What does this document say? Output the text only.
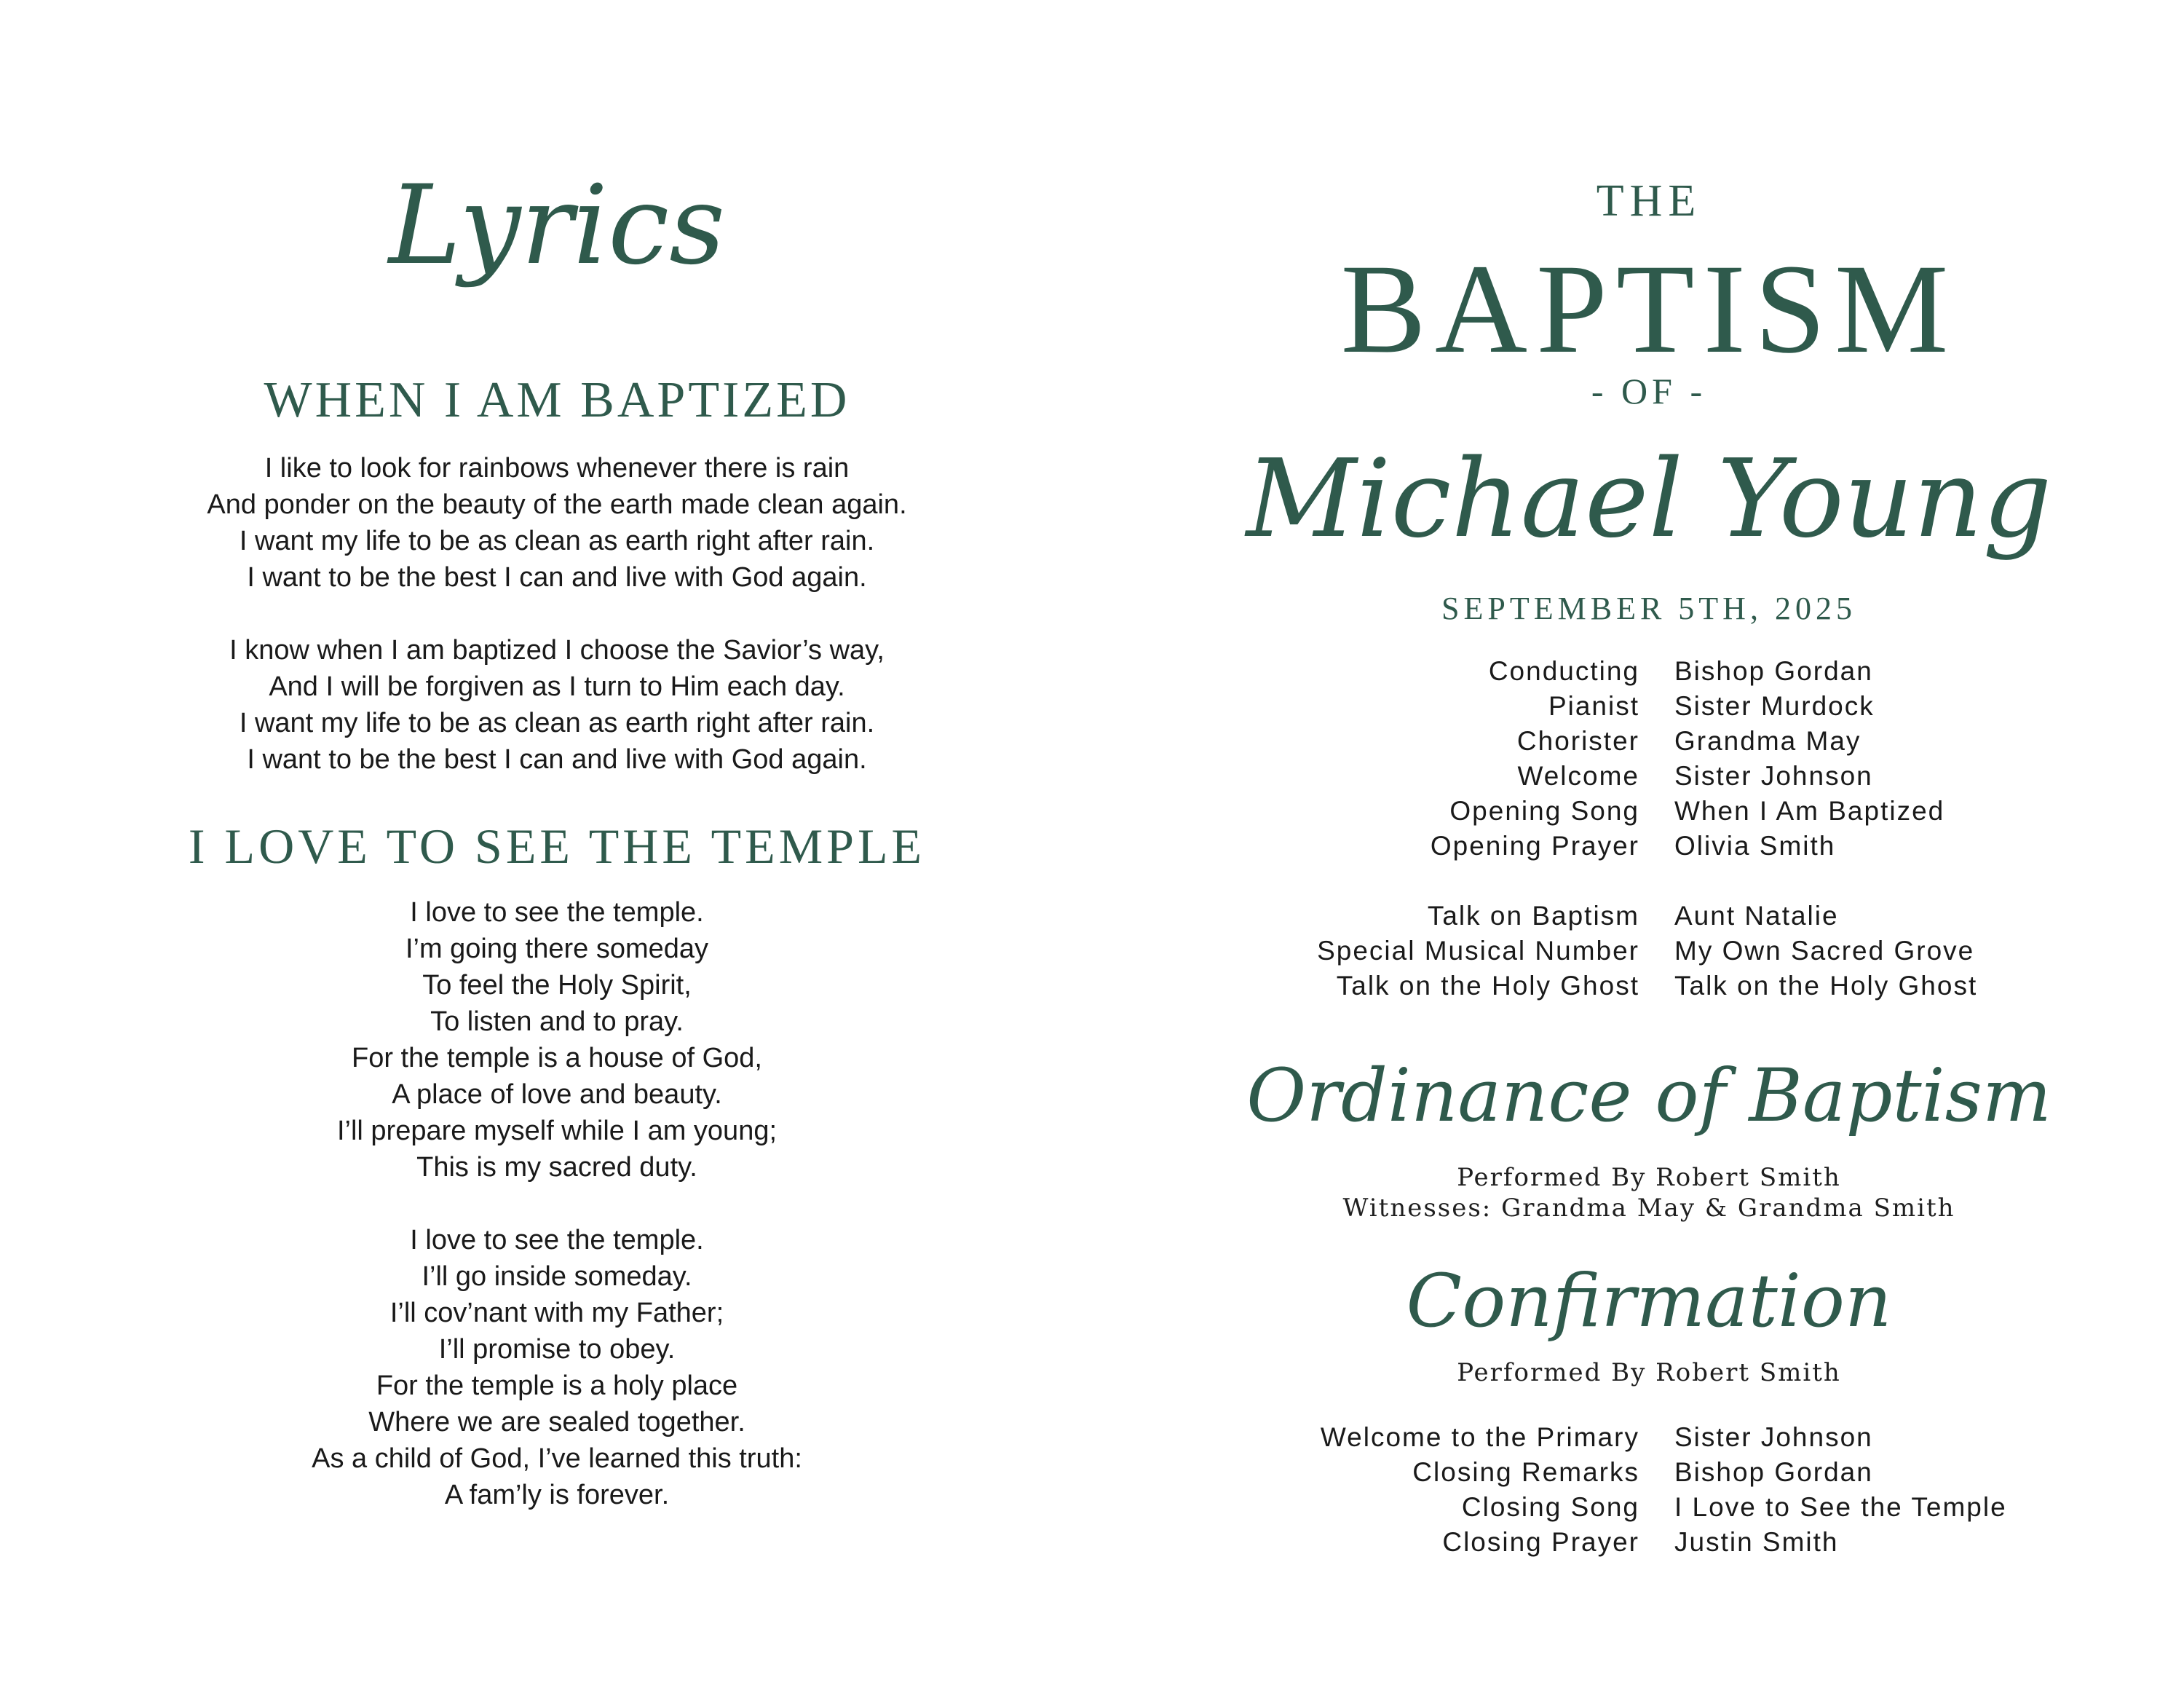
Lyrics
WHEN I AM BAPTIZED
I like to look for rainbows whenever there is rain
And ponder on the beauty of the earth made clean again.
I want my life to be as clean as earth right after rain.
I want to be the best I can and live with God again.
I know when I am baptized I choose the Savior’s way,
And I will be forgiven as I turn to Him each day.
I want my life to be as clean as earth right after rain.
I want to be the best I can and live with God again.
I LOVE TO SEE THE TEMPLE
I love to see the temple.
I’m going there someday
To feel the Holy Spirit,
To listen and to pray.
For the temple is a house of God,
A place of love and beauty.
I’ll prepare myself while I am young;
This is my sacred duty.
I love to see the temple.
I’ll go inside someday.
I’ll cov’nant with my Father;
I’ll promise to obey.
For the temple is a holy place
Where we are sealed together.
As a child of God, I’ve learned this truth:
A fam’ly is forever.
THE
BAPTISM
- OF -
Michael Young
SEPTEMBER 5TH, 2025
Conducting	Bishop Gordan
Pianist	Sister Murdock
Chorister	Grandma May
Welcome	Sister Johnson
Opening Song	When I Am Baptized
Opening Prayer	Olivia Smith
Talk on Baptism	Aunt Natalie
Special Musical Number	My Own Sacred Grove
Talk on the Holy Ghost	Talk on the Holy Ghost
Ordinance of Baptism
Performed By Robert Smith
Witnesses: Grandma May & Grandma Smith
Confirmation
Performed By Robert Smith
Welcome to the Primary	Sister Johnson
Closing Remarks	Bishop Gordan
Closing Song	I Love to See the Temple
Closing Prayer	Justin Smith
